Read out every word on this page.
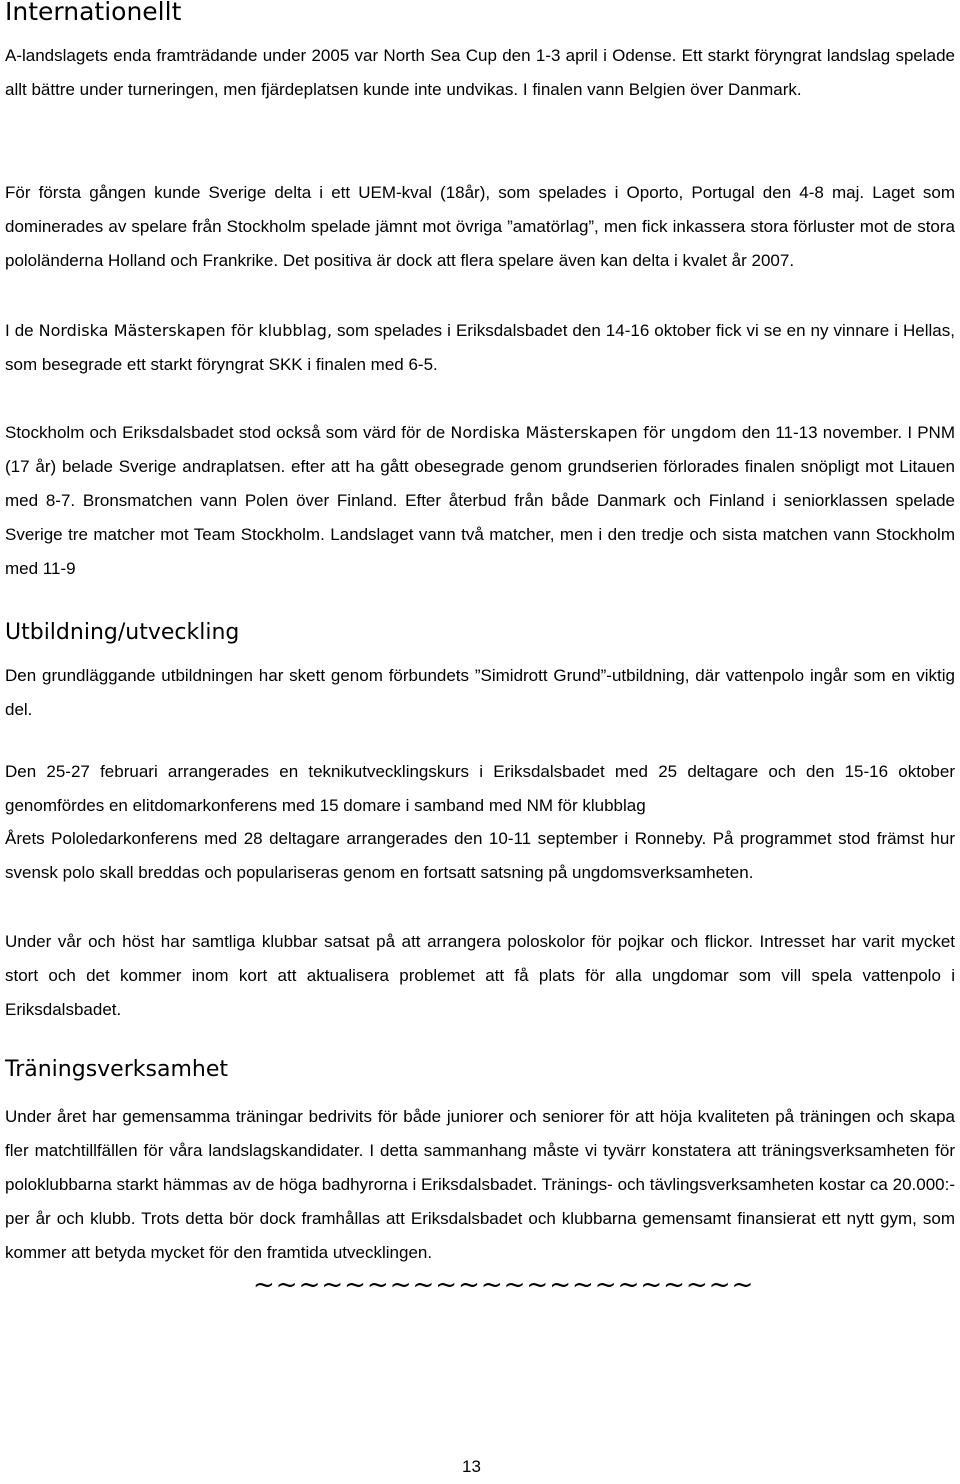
Internationellt

A-landslagets enda framträdande under 2005 var North Sea Cup den 1-3 april i Odense. Ett starkt föryngrat landslag spelade allt bättre under turneringen, men fjärdeplatsen kunde inte undvikas. I finalen vann Belgien över Danmark.

För första gången kunde Sverige delta i ett UEM-kval (18år), som spelades i Oporto, Portugal den 4-8 maj. Laget som dominerades av spelare från Stockholm spelade jämnt mot övriga ”amatörlag”, men fick inkassera stora förluster mot de stora pololänderna Holland och Frankrike. Det positiva är dock att flera spelare även kan delta i kvalet år 2007.

I de Nordiska Mästerskapen för klubblag, som spelades i Eriksdalsbadet den 14-16 oktober fick vi se en ny vinnare i Hellas, som besegrade ett starkt föryngrat SKK i finalen med 6-5.

Stockholm och Eriksdalsbadet stod också som värd för de Nordiska Mästerskapen för ungdom den 11-13 november. I PNM (17 år) belade Sverige andraplatsen. efter att ha gått obesegrade genom grundserien förlorades finalen snöpligt mot Litauen med 8-7. Bronsmatchen vann Polen över Finland. Efter återbud från både Danmark och Finland i seniorklassen spelade Sverige tre matcher mot Team Stockholm. Landslaget vann två matcher, men i den tredje och sista matchen vann Stockholm med 11-9

Utbildning/utveckling

Den grundläggande utbildningen har skett genom förbundets ”Simidrott Grund”-utbildning, där vattenpolo ingår som en viktig del.

Den 25-27 februari arrangerades en teknikutvecklingskurs i Eriksdalsbadet med 25 deltagare och den 15-16 oktober genomfördes en elitdomarkonferens med 15 domare i samband med NM för klubblag

Årets Pololedarkonferens med 28 deltagare arrangerades den 10-11 september i Ronneby. På programmet stod främst hur svensk polo skall breddas och populariseras genom en fortsatt satsning på ungdomsverksamheten.

Under vår och höst har samtliga klubbar satsat på att arrangera poloskolor för pojkar och flickor. Intresset har varit mycket stort och det kommer inom kort att aktualisera problemet att få plats för alla ungdomar som vill spela vattenpolo i Eriksdalsbadet.

Träningsverksamhet

Under året har gemensamma träningar bedrivits för både juniorer och seniorer för att höja kvaliteten på träningen och skapa fler matchtillfällen för våra landslagskandidater. I detta sammanhang måste vi tyvärr konstatera att träningsverksamheten för poloklubbarna starkt hämmas av de höga badhyrorna i Eriksdalsbadet. Tränings- och tävlingsverksamheten kostar ca 20.000:- per år och klubb. Trots detta bör dock framhållas att Eriksdalsbadet och klubbarna gemensamt finansierat ett nytt gym, som kommer att betyda mycket för den framtida utvecklingen.

~~~~~~~~~~~~~~~~~~~~~~
13
